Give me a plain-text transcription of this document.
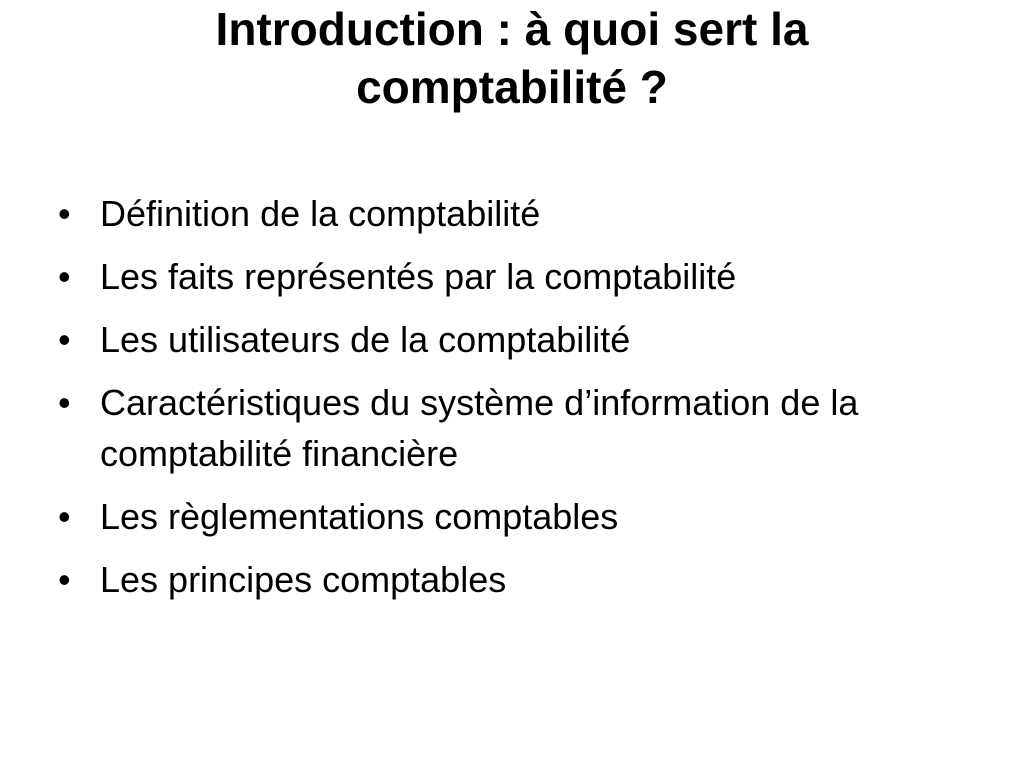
Introduction : à quoi sert la comptabilité ?
• Définition de la comptabilité
• Les faits représentés par la comptabilité
• Les utilisateurs de la comptabilité
• Caractéristiques du système d’information de la comptabilité financière
• Les règlementations comptables
• Les principes comptables
